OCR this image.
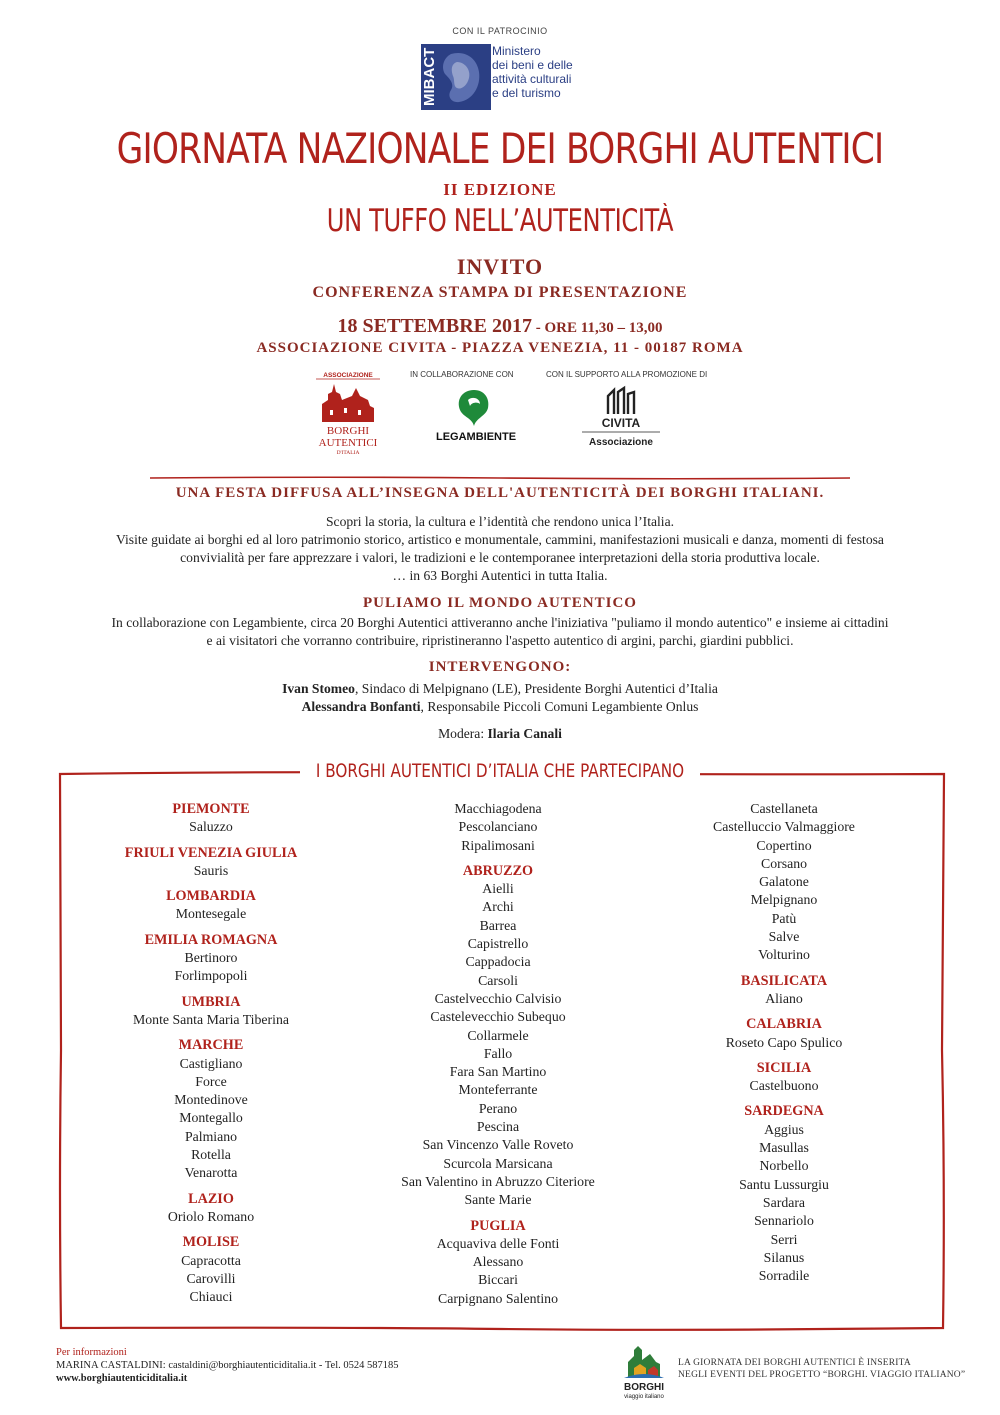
CON IL PATROCINIO
MIBACT	Ministero
dei beni e delle
attività culturali
e del turismo
GIORNATA NAZIONALE DEI BORGHI AUTENTICI
II EDIZIONE
UN TUFFO NELL’AUTENTICITÀ
INVITO
CONFERENZA STAMPA DI PRESENTAZIONE
18 SETTEMBRE 2017 - ORE 11,30 – 13,00
ASSOCIAZIONE CIVITA - PIAZZA VENEZIA, 11 - 00187 ROMA
ASSOCIAZIONE
BORGHI
AUTENTICI
D'ITALIA
IN COLLABORAZIONE CON
LEGAMBIENTE
CON IL SUPPORTO ALLA PROMOZIONE DI
CIVITA
Associazione
UNA FESTA DIFFUSA ALL’INSEGNA DELL'AUTENTICITÀ DEI BORGHI ITALIANI.
Scopri la storia, la cultura e l’identità che rendono unica l’Italia.
Visite guidate ai borghi ed al loro patrimonio storico, artistico e monumentale, cammini, manifestazioni musicali e danza, momenti di festosa
convivialità per fare apprezzare i valori, le tradizioni e le contemporanee interpretazioni della storia produttiva locale.
… in 63 Borghi Autentici in tutta Italia.
PULIAMO IL MONDO AUTENTICO
In collaborazione con Legambiente, circa 20 Borghi Autentici attiveranno anche l'iniziativa "puliamo il mondo autentico" e insieme ai cittadini
e ai visitatori che vorranno contribuire, ripristineranno l'aspetto autentico di argini, parchi, giardini pubblici.
INTERVENGONO:
Ivan Stomeo, Sindaco di Melpignano (LE), Presidente Borghi Autentici d’Italia
Alessandra Bonfanti, Responsabile Piccoli Comuni Legambiente Onlus
Modera: Ilaria Canali
I BORGHI AUTENTICI D’ITALIA CHE PARTECIPANO
PIEMONTE
Saluzzo
FRIULI VENEZIA GIULIA
Sauris
LOMBARDIA
Montesegale
EMILIA ROMAGNA
Bertinoro
Forlimpopoli
UMBRIA
Monte Santa Maria Tiberina
MARCHE
Castigliano
Force
Montedinove
Montegallo
Palmiano
Rotella
Venarotta
LAZIO
Oriolo Romano
MOLISE
Capracotta
Carovilli
Chiauci
Macchiagodena
Pescolanciano
Ripalimosani
ABRUZZO
Aielli
Archi
Barrea
Capistrello
Cappadocia
Carsoli
Castelvecchio Calvisio
Castelevecchio Subequo
Collarmele
Fallo
Fara San Martino
Monteferrante
Perano
Pescina
San Vincenzo Valle Roveto
Scurcola Marsicana
San Valentino in Abruzzo Citeriore
Sante Marie
PUGLIA
Acquaviva delle Fonti
Alessano
Biccari
Carpignano Salentino
Castellaneta
Castelluccio Valmaggiore
Copertino
Corsano
Galatone
Melpignano
Patù
Salve
Volturino
BASILICATA
Aliano
CALABRIA
Roseto Capo Spulico
SICILIA
Castelbuono
SARDEGNA
Aggius
Masullas
Norbello
Santu Lussurgiu
Sardara
Sennariolo
Serri
Silanus
Sorradile
Per informazioni
MARINA CASTALDINI: castaldini@borghiautenticiditalia.it - Tel. 0524 587185
www.borghiautenticiditalia.it
BORGHI
viaggio italiano
LA GIORNATA DEI BORGHI AUTENTICI È INSERITA
NEGLI EVENTI DEL PROGETTO “BORGHI. VIAGGIO ITALIANO”
